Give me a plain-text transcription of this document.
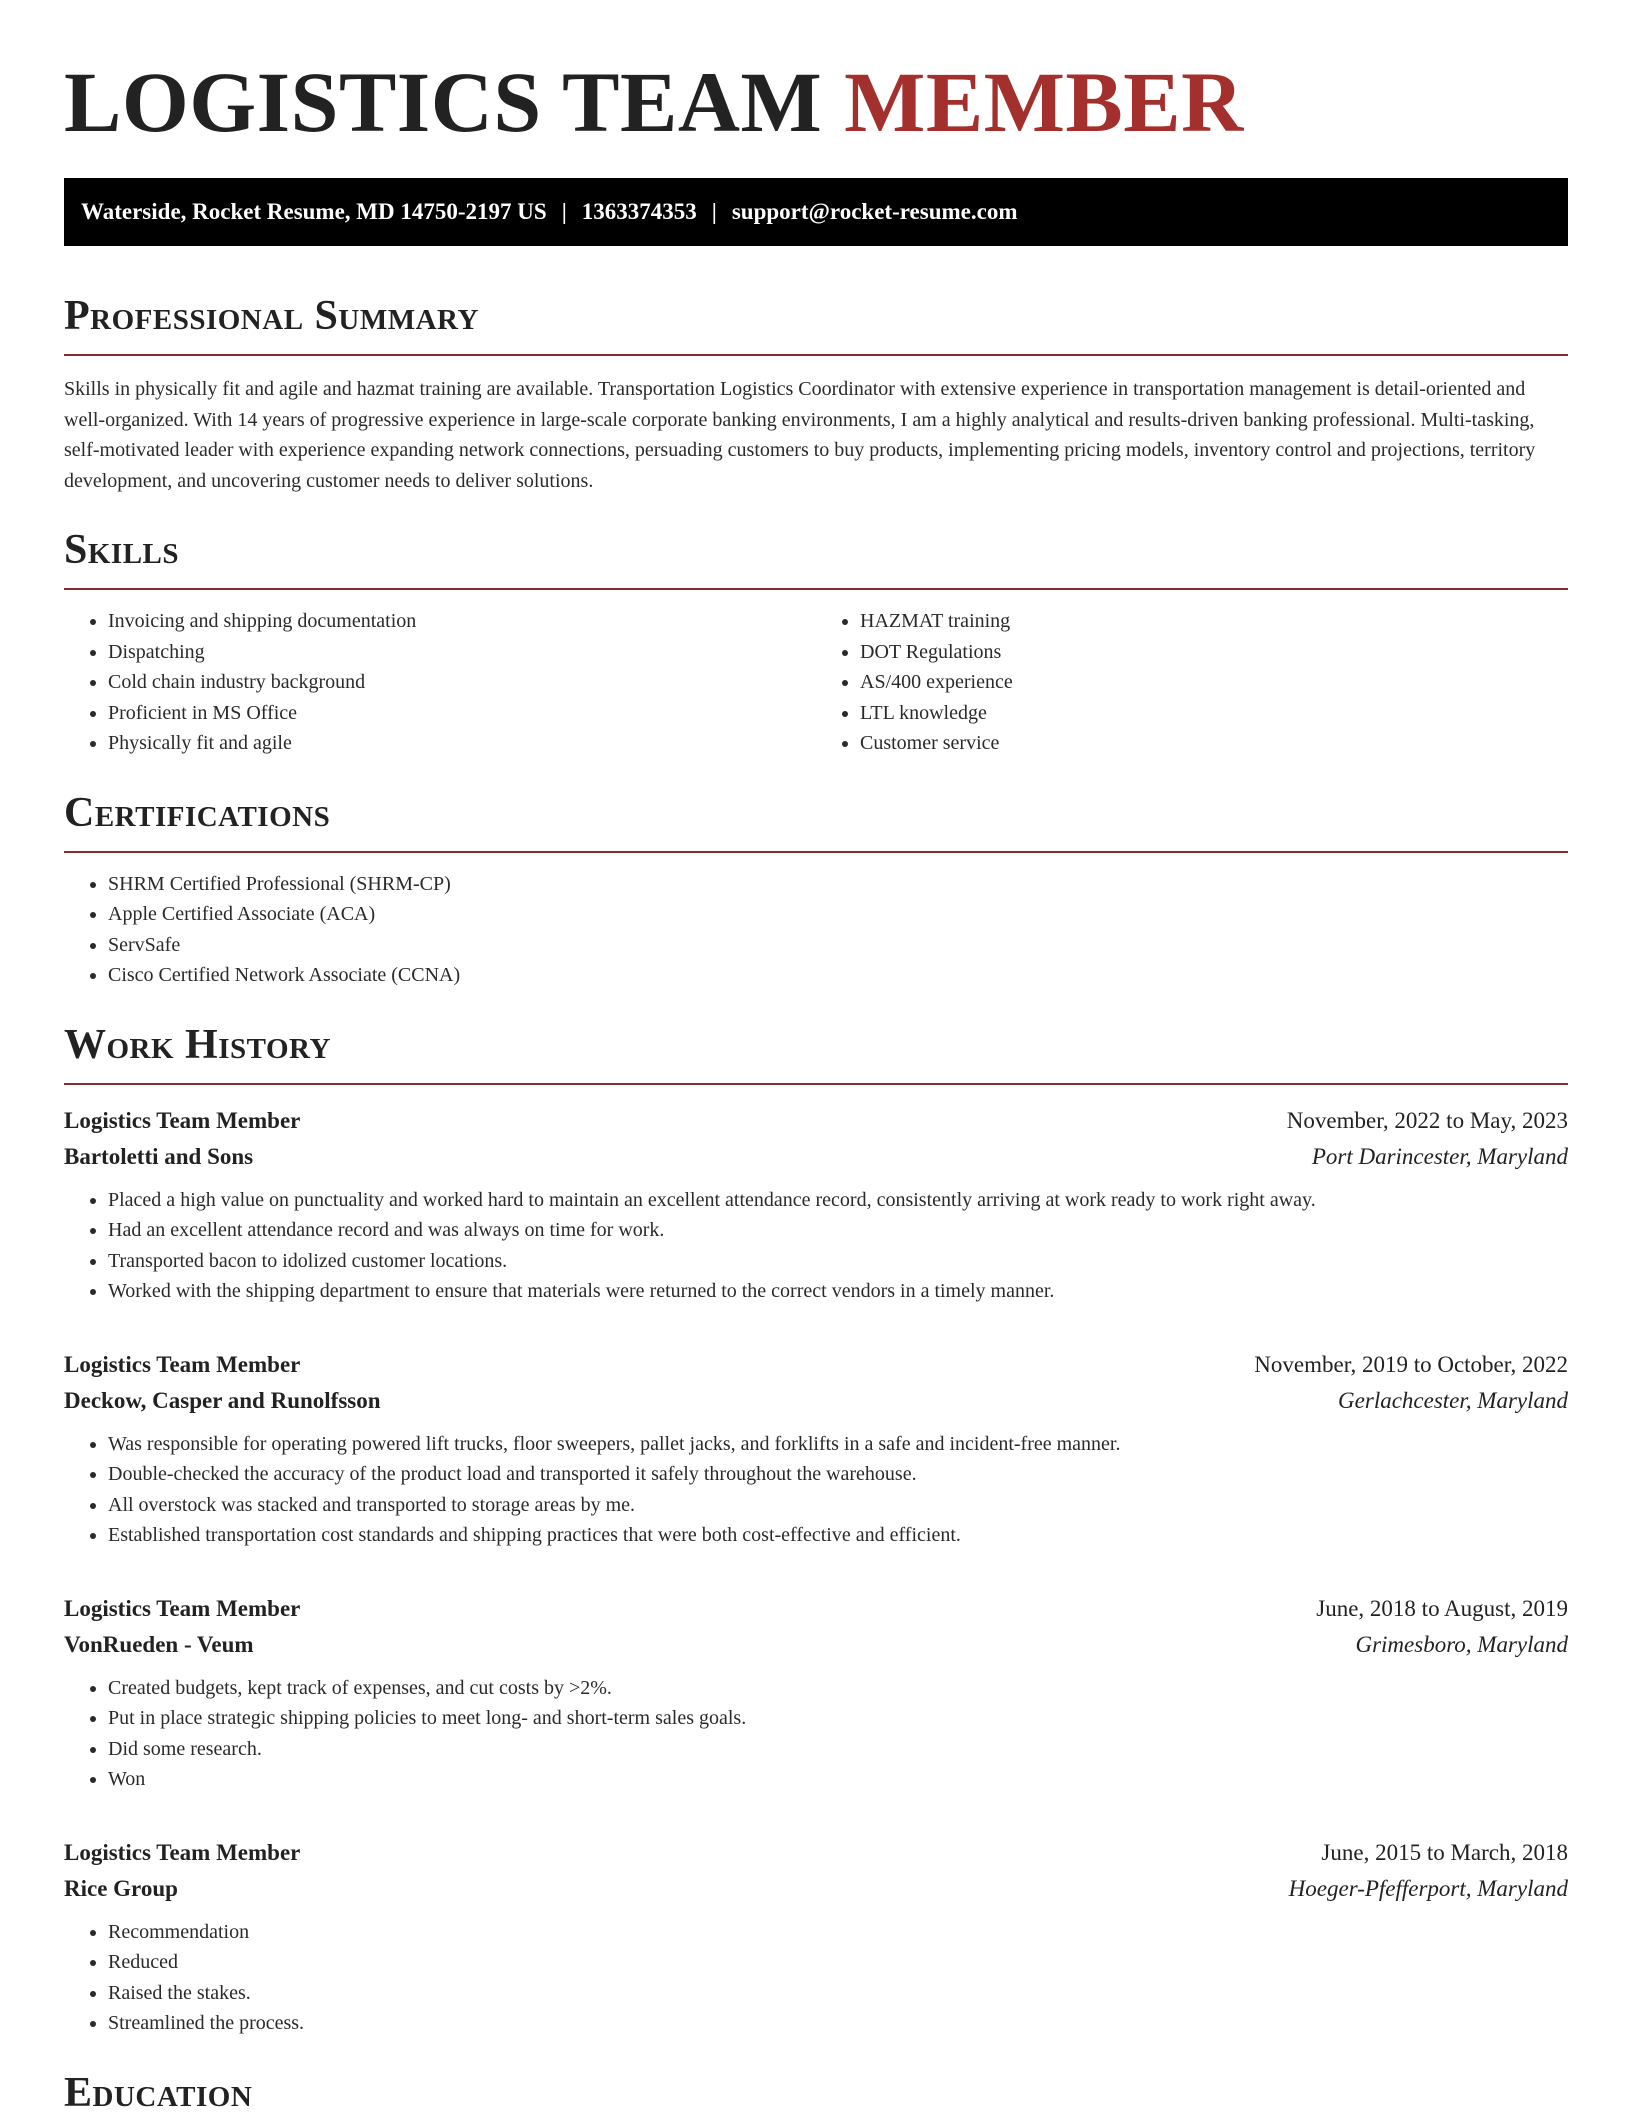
LOGISTICS TEAM MEMBER
Waterside, Rocket Resume, MD 14750-2197 US | 1363374353 | support@rocket-resume.com
Professional Summary

Skills in physically fit and agile and hazmat training are available. Transportation Logistics Coordinator with extensive experience in transportation management is detail-oriented and well-organized. With 14 years of progressive experience in large-scale corporate banking environments, I am a highly analytical and results-driven banking professional. Multi-tasking, self-motivated leader with experience expanding network connections, persuading customers to buy products, implementing pricing models, inventory control and projections, territory development, and uncovering customer needs to deliver solutions.

Skills
• Invoicing and shipping documentation
• Dispatching
• Cold chain industry background
• Proficient in MS Office
• Physically fit and agile
• HAZMAT training
• DOT Regulations
• AS/400 experience
• LTL knowledge
• Customer service
Certifications
• SHRM Certified Professional (SHRM-CP)
• Apple Certified Associate (ACA)
• ServSafe
• Cisco Certified Network Associate (CCNA)
Work History
Logistics Team Member	November, 2022 to May, 2023
Bartoletti and Sons	Port Darincester, Maryland
• Placed a high value on punctuality and worked hard to maintain an excellent attendance record, consistently arriving at work ready to work right away.
• Had an excellent attendance record and was always on time for work.
• Transported bacon to idolized customer locations.
• Worked with the shipping department to ensure that materials were returned to the correct vendors in a timely manner.
Logistics Team Member	November, 2019 to October, 2022
Deckow, Casper and Runolfsson	Gerlachcester, Maryland
• Was responsible for operating powered lift trucks, floor sweepers, pallet jacks, and forklifts in a safe and incident-free manner.
• Double-checked the accuracy of the product load and transported it safely throughout the warehouse.
• All overstock was stacked and transported to storage areas by me.
• Established transportation cost standards and shipping practices that were both cost-effective and efficient.
Logistics Team Member	June, 2018 to August, 2019
VonRueden - Veum	Grimesboro, Maryland
• Created budgets, kept track of expenses, and cut costs by >2%.
• Put in place strategic shipping policies to meet long- and short-term sales goals.
• Did some research.
• Won
Logistics Team Member	June, 2015 to March, 2018
Rice Group	Hoeger-Pfefferport, Maryland
• Recommendation
• Reduced
• Raised the stakes.
• Streamlined the process.
Education
